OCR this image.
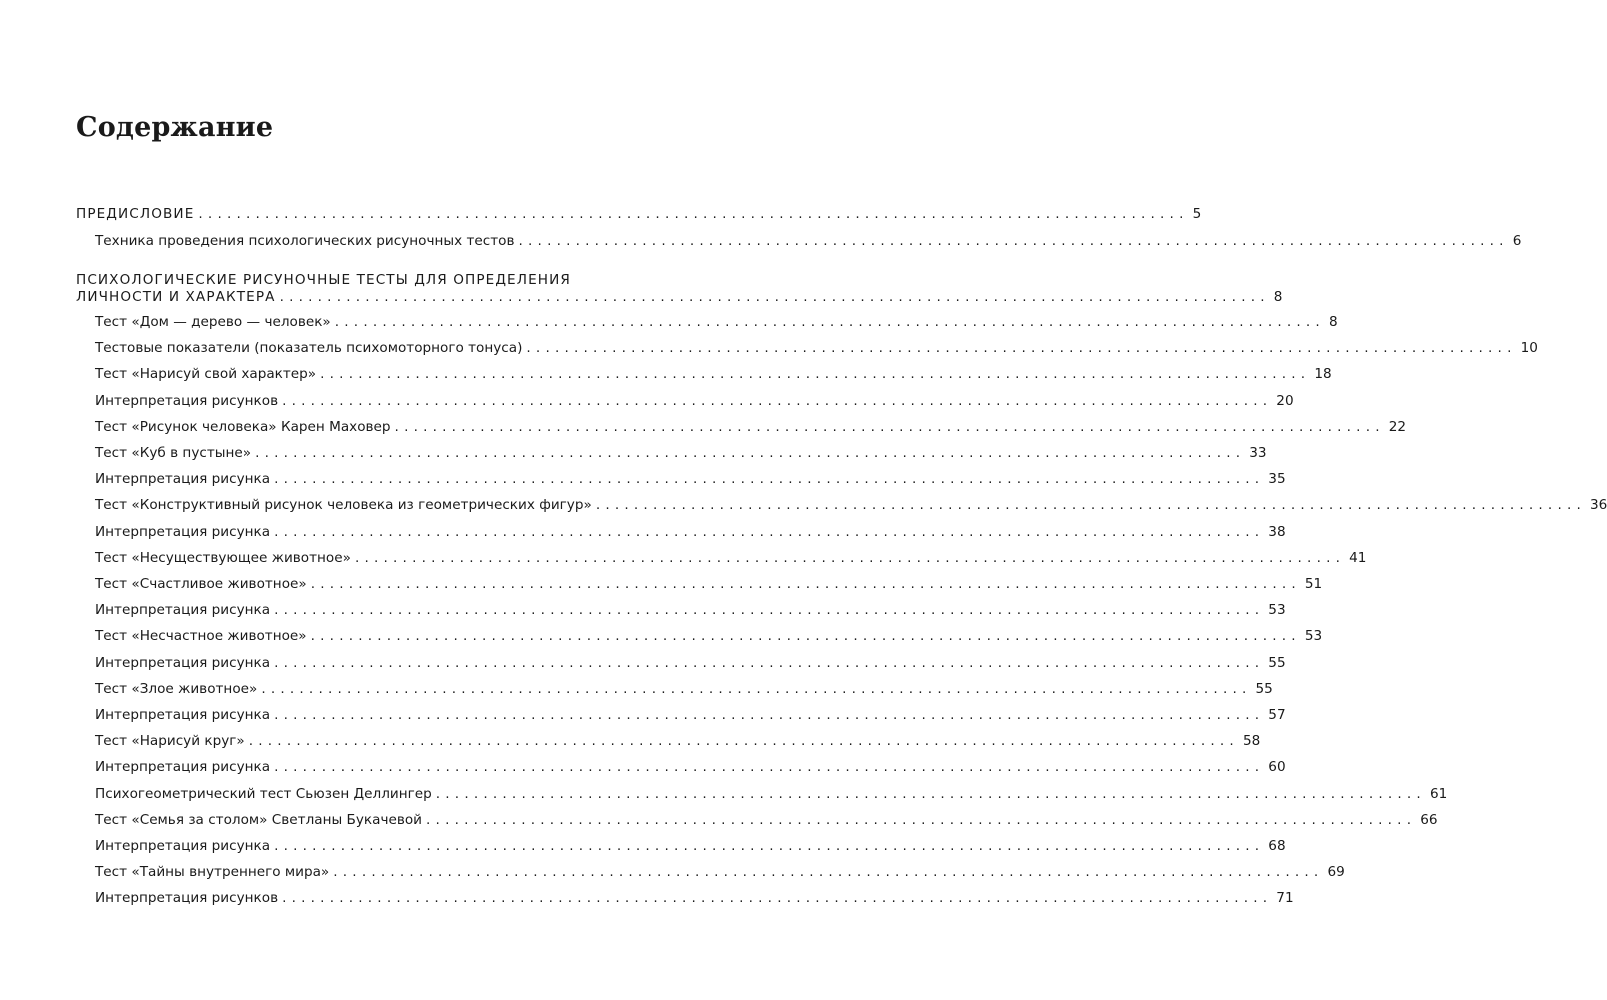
Содержание
ПРЕДИСЛОВИЕ ........................................................................................................ 5
Техника проведения психологических рисуночных тестов ........................................................................................................ 6
ПСИХОЛОГИЧЕСКИЕ РИСУНОЧНЫЕ ТЕСТЫ ДЛЯ ОПРЕДЕЛЕНИЯ
ЛИЧНОСТИ И ХАРАКТЕРА ........................................................................................................ 8
Тест «Дом — дерево — человек» ........................................................................................................ 8
Тестовые показатели (показатель психомоторного тонуса) ........................................................................................................ 10
Тест «Нарисуй свой характер» ........................................................................................................ 18
Интерпретация рисунков ........................................................................................................ 20
Тест «Рисунок человека» Карен Маховер ........................................................................................................ 22
Тест «Куб в пустыне» ........................................................................................................ 33
Интерпретация рисунка ........................................................................................................ 35
Тест «Конструктивный рисунок человека из геометрических фигур» ........................................................................................................ 36
Интерпретация рисунка ........................................................................................................ 38
Тест «Несуществующее животное» ........................................................................................................ 41
Тест «Счастливое животное» ........................................................................................................ 51
Интерпретация рисунка ........................................................................................................ 53
Тест «Несчастное животное» ........................................................................................................ 53
Интерпретация рисунка ........................................................................................................ 55
Тест «Злое животное» ........................................................................................................ 55
Интерпретация рисунка ........................................................................................................ 57
Тест «Нарисуй круг» ........................................................................................................ 58
Интерпретация рисунка ........................................................................................................ 60
Психогеометрический тест Сьюзен Деллингер ........................................................................................................ 61
Тест «Семья за столом» Светланы Букачевой ........................................................................................................ 66
Интерпретация рисунка ........................................................................................................ 68
Тест «Тайны внутреннего мира» ........................................................................................................ 69
Интерпретация рисунков ........................................................................................................ 71
